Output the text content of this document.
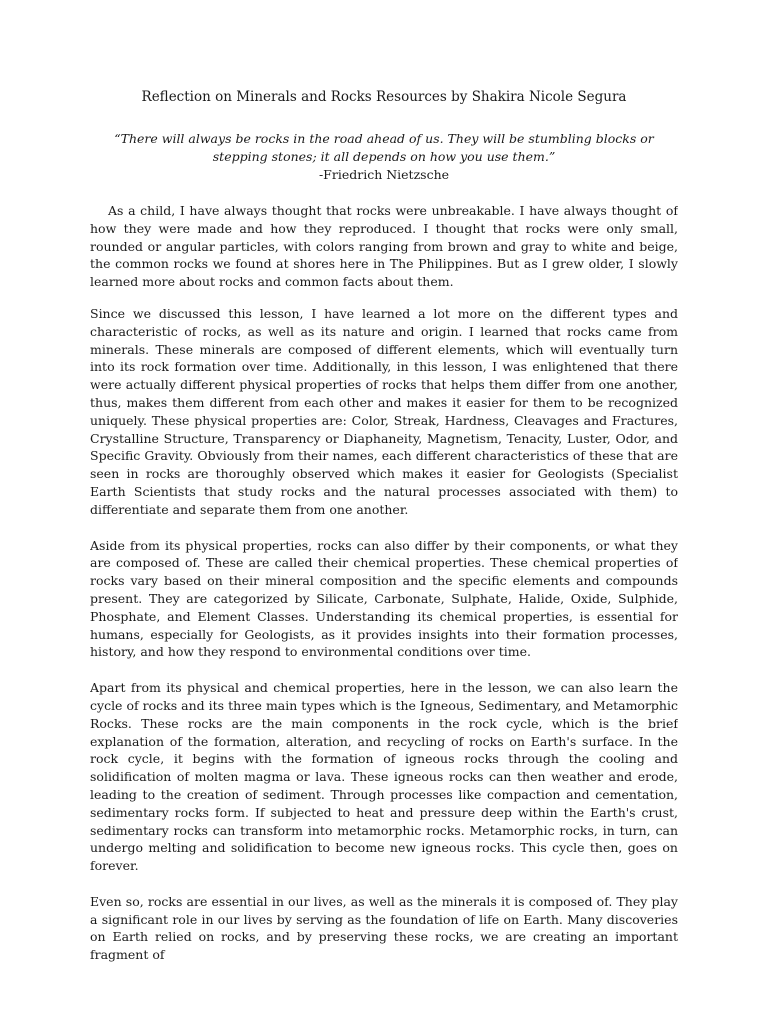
Reflection on Minerals and Rocks Resources by Shakira Nicole Segura

“There will always be rocks in the road ahead of us. They will be stumbling blocks or stepping stones; it all depends on how you use them.”

-Friedrich Nietzsche

As a child, I have always thought that rocks were unbreakable. I have always thought of how they were made and how they reproduced. I thought that rocks were only small, rounded or angular particles, with colors ranging from brown and gray to white and beige, the common rocks we found at shores here in The Philippines. But as I grew older, I slowly learned more about rocks and common facts about them.

Since we discussed this lesson, I have learned a lot more on the different types and characteristic of rocks, as well as its nature and origin. I learned that rocks came from minerals. These minerals are composed of different elements, which will eventually turn into its rock formation over time. Additionally, in this lesson, I was enlightened that there were actually different physical properties of rocks that helps them differ from one another, thus, makes them different from each other and makes it easier for them to be recognized uniquely. These physical properties are: Color, Streak, Hardness, Cleavages and Fractures, Crystalline Structure, Transparency or Diaphaneity, Magnetism, Tenacity, Luster, Odor, and Specific Gravity. Obviously from their names, each different characteristics of these that are seen in rocks are thoroughly observed which makes it easier for Geologists (Specialist Earth Scientists that study rocks and the natural processes associated with them) to differentiate and separate them from one another.

Aside from its physical properties, rocks can also differ by their components, or what they are composed of. These are called their chemical properties. These chemical properties of rocks vary based on their mineral composition and the specific elements and compounds present. They are categorized by Silicate, Carbonate, Sulphate, Halide, Oxide, Sulphide, Phosphate, and Element Classes. Understanding its chemical properties, is essential for humans, especially for Geologists, as it provides insights into their formation processes, history, and how they respond to environmental conditions over time.

Apart from its physical and chemical properties, here in the lesson, we can also learn the cycle of rocks and its three main types which is the Igneous, Sedimentary, and Metamorphic Rocks. These rocks are the main components in the rock cycle, which is the brief explanation of the formation, alteration, and recycling of rocks on Earth's surface. In the rock cycle, it begins with the formation of igneous rocks through the cooling and solidification of molten magma or lava. These igneous rocks can then weather and erode, leading to the creation of sediment. Through processes like compaction and cementation, sedimentary rocks form. If subjected to heat and pressure deep within the Earth's crust, sedimentary rocks can transform into metamorphic rocks. Metamorphic rocks, in turn, can undergo melting and solidification to become new igneous rocks. This cycle then, goes on forever.

Even so, rocks are essential in our lives, as well as the minerals it is composed of. They play a significant role in our lives by serving as the foundation of life on Earth. Many discoveries on Earth relied on rocks, and by preserving these rocks, we are creating an important fragment of
